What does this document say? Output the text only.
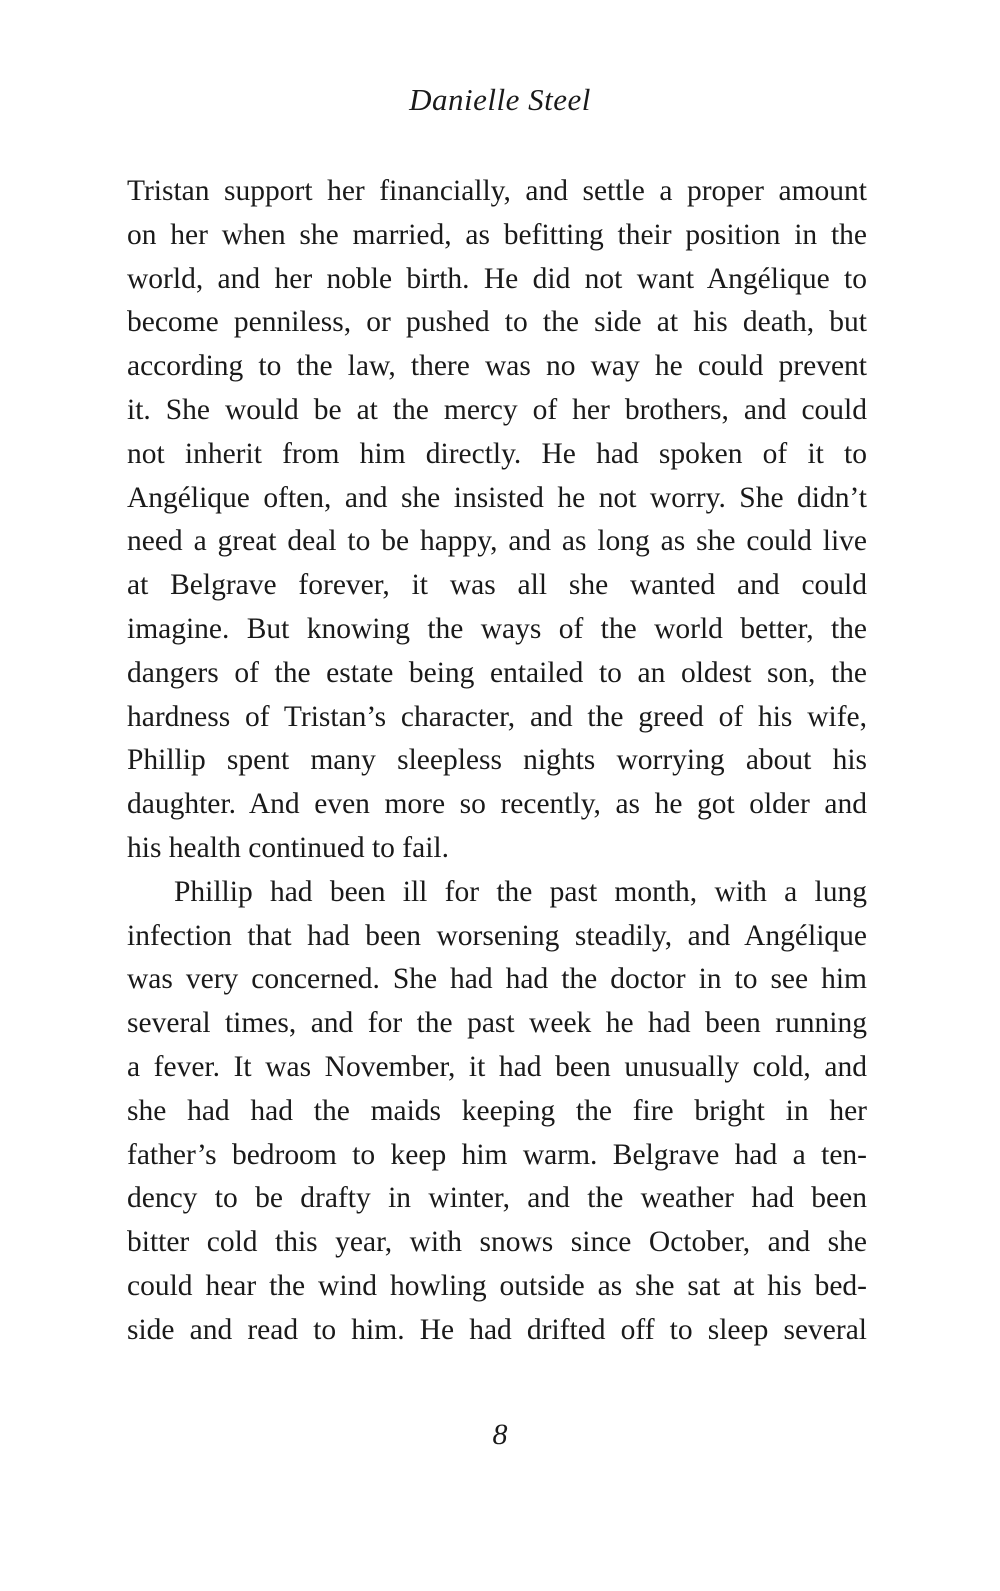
Danielle Steel
Tristan support her financially, and settle a proper amount
on her when she married, as befitting their position in the
world, and her noble birth. He did not want Angélique to
become penniless, or pushed to the side at his death, but
according to the law, there was no way he could prevent
it. She would be at the mercy of her brothers, and could
not inherit from him directly. He had spoken of it to
Angélique often, and she insisted he not worry. She didn’t
need a great deal to be happy, and as long as she could live
at Belgrave forever, it was all she wanted and could
imagine. But knowing the ways of the world better, the
dangers of the estate being entailed to an oldest son, the
hardness of Tristan’s character, and the greed of his wife,
Phillip spent many sleepless nights worrying about his
daughter. And even more so recently, as he got older and
his health continued to fail.
Phillip had been ill for the past month, with a lung
infection that had been worsening steadily, and Angélique
was very concerned. She had had the doctor in to see him
several times, and for the past week he had been running
a fever. It was November, it had been unusually cold, and
she had had the maids keeping the fire bright in her
father’s bedroom to keep him warm. Belgrave had a ten-
dency to be drafty in winter, and the weather had been
bitter cold this year, with snows since October, and she
could hear the wind howling outside as she sat at his bed-
side and read to him. He had drifted off to sleep several
8
